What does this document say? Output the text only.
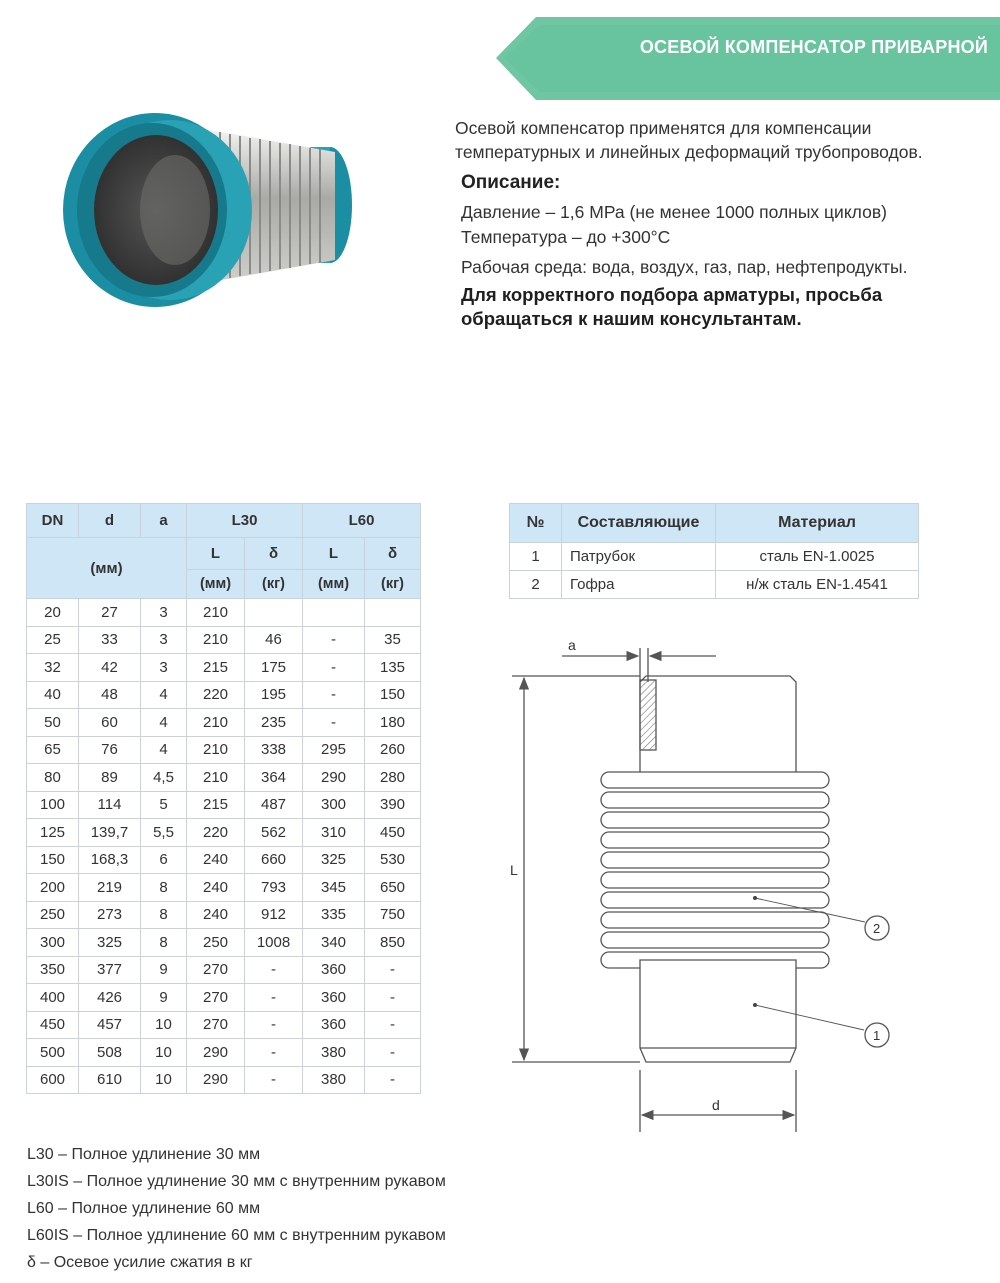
ОСЕВОЙ КОМПЕНСАТОР ПРИВАРНОЙ
Осевой компенсатор применятся для компенсации
температурных и линейных деформаций трубопроводов.
Описание:
Давление – 1,6 МРа (не менее 1000 полных циклов)
Температура – до +300°С
Рабочая среда: вода, воздух, газ, пар, нефтепродукты.
Для корректного подбора арматуры, просьба
обращаться к нашим консультантам.
DN	d	a	L30		L60	
(мм)			L	δ	L	δ
			(мм)	(кг)	(мм)	(кг)
20	27	3	210			
25	33	3	210	46	-	35
32	42	3	215	175	-	135
40	48	4	220	195	-	150
50	60	4	210	235	-	180
65	76	4	210	338	295	260
80	89	4,5	210	364	290	280
100	114	5	215	487	300	390
125	139,7	5,5	220	562	310	450
150	168,3	6	240	660	325	530
200	219	8	240	793	345	650
250	273	8	240	912	335	750
300	325	8	250	1008	340	850
350	377	9	270	-	360	-
400	426	9	270	-	360	-
450	457	10	270	-	360	-
500	508	10	290	-	380	-
600	610	10	290	-	380	-
№	Составляющие	Материал
1	Патрубок	сталь EN-1.0025
2	Гофра	н/ж сталь EN-1.4541
a
L
d
2
1
L30 – Полное удлинение 30 мм
L30IS – Полное удлинение 30 мм с внутренним рукавом
L60 – Полное удлинение 60 мм
L60IS – Полное удлинение 60 мм с внутренним рукавом
δ – Осевое усилие сжатия в кг
